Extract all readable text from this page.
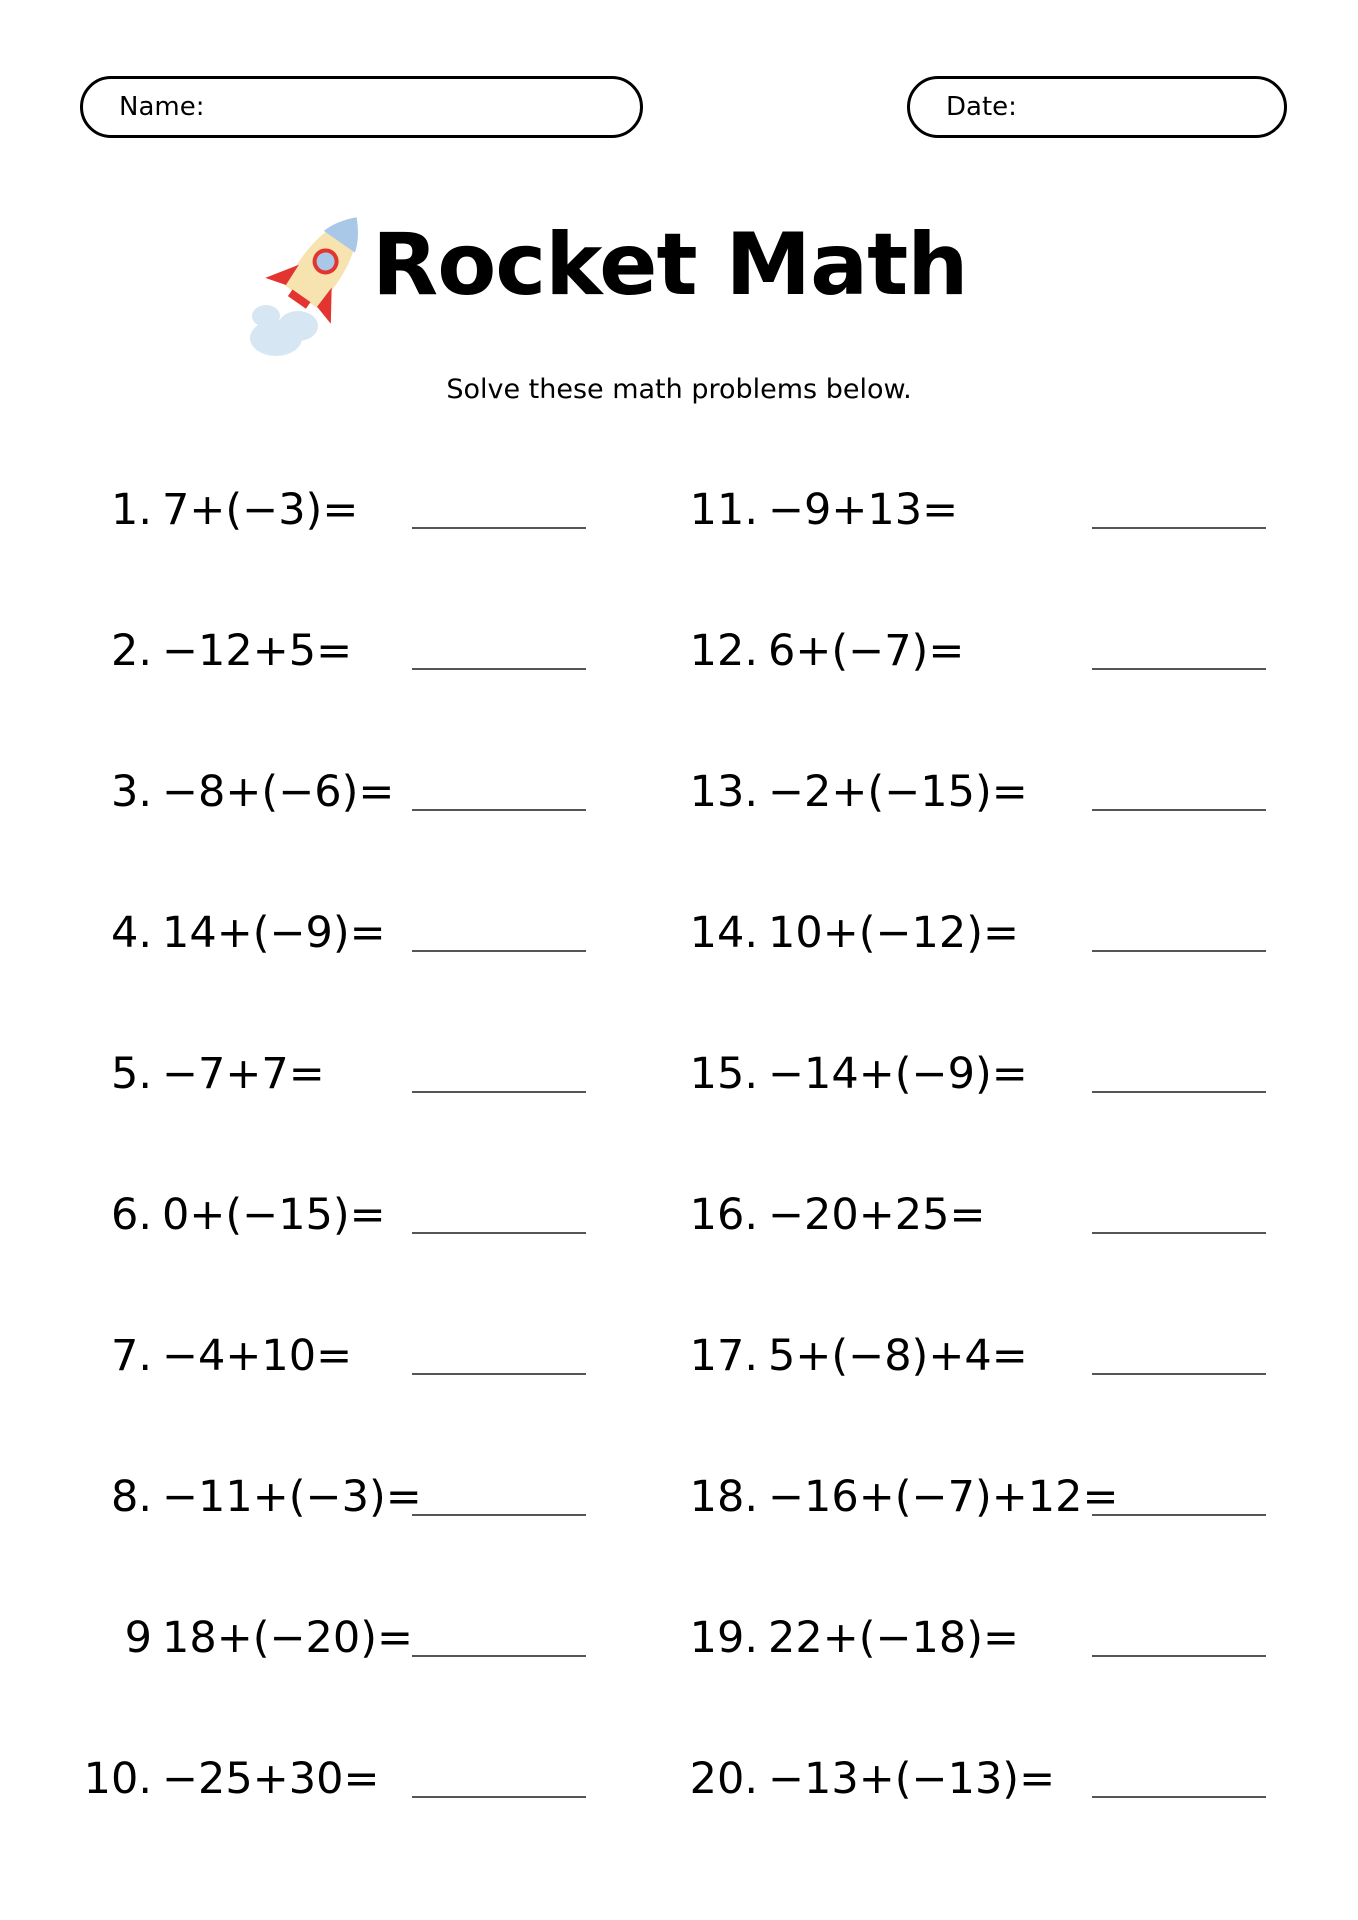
Name:	Date:
Rocket Math
Solve these math problems below.
1. 7+(−3)=
2. −12+5=
3. −8+(−6)=
4. 14+(−9)=
5. −7+7=
6. 0+(−15)=
7. −4+10=
8. −11+(−3)=
9 18+(−20)=
10. −25+30=
11. −9+13=
12. 6+(−7)=
13. −2+(−15)=
14. 10+(−12)=
15. −14+(−9)=
16. −20+25=
17. 5+(−8)+4=
18. −16+(−7)+12=
19. 22+(−18)=
20. −13+(−13)=
